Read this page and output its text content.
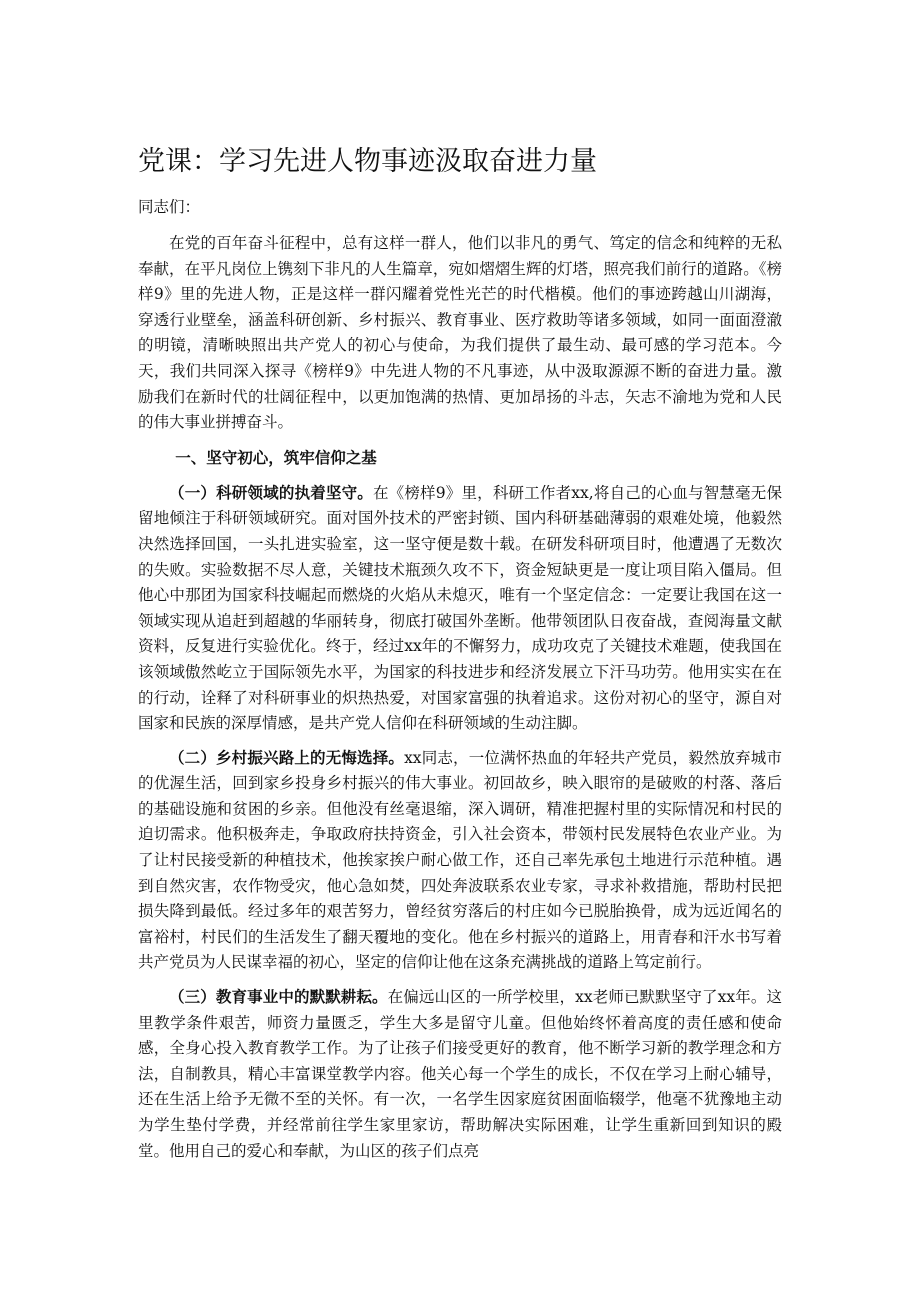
党课：学习先进人物事迹汲取奋进力量
同志们：

在党的百年奋斗征程中，总有这样一群人，他们以非凡的勇气、笃定的信念和纯粹的无私奉献，在平凡岗位上镌刻下非凡的人生篇章，宛如熠熠生辉的灯塔，照亮我们前行的道路。《榜样9》里的先进人物，正是这样一群闪耀着党性光芒的时代楷模。他们的事迹跨越山川湖海，穿透行业壁垒，涵盖科研创新、乡村振兴、教育事业、医疗救助等诸多领域，如同一面面澄澈的明镜，清晰映照出共产党人的初心与使命，为我们提供了最生动、最可感的学习范本。今天，我们共同深入探寻《榜样9》中先进人物的不凡事迹，从中汲取源源不断的奋进力量。激励我们在新时代的壮阔征程中，以更加饱满的热情、更加昂扬的斗志，矢志不渝地为党和人民的伟大事业拼搏奋斗。

一、坚守初心，筑牢信仰之基

（一）科研领域的执着坚守。在《榜样9》里，科研工作者xx,将自己的心血与智慧毫无保留地倾注于科研领域研究。面对国外技术的严密封锁、国内科研基础薄弱的艰难处境，他毅然决然选择回国，一头扎进实验室，这一坚守便是数十载。在研发科研项目时，他遭遇了无数次的失败。实验数据不尽人意，关键技术瓶颈久攻不下，资金短缺更是一度让项目陷入僵局。但他心中那团为国家科技崛起而燃烧的火焰从未熄灭，唯有一个坚定信念：一定要让我国在这一领域实现从追赶到超越的华丽转身，彻底打破国外垄断。他带领团队日夜奋战，查阅海量文献资料，反复进行实验优化。终于，经过xx年的不懈努力，成功攻克了关键技术难题，使我国在该领域傲然屹立于国际领先水平，为国家的科技进步和经济发展立下汗马功劳。他用实实在在的行动，诠释了对科研事业的炽热热爱，对国家富强的执着追求。这份对初心的坚守，源自对国家和民族的深厚情感，是共产党人信仰在科研领域的生动注脚。

（二）乡村振兴路上的无悔选择。xx同志，一位满怀热血的年轻共产党员，毅然放弃城市的优渥生活，回到家乡投身乡村振兴的伟大事业。初回故乡，映入眼帘的是破败的村落、落后的基础设施和贫困的乡亲。但他没有丝毫退缩，深入调研，精准把握村里的实际情况和村民的迫切需求。他积极奔走，争取政府扶持资金，引入社会资本，带领村民发展特色农业产业。为了让村民接受新的种植技术，他挨家挨户耐心做工作，还自己率先承包土地进行示范种植。遇到自然灾害，农作物受灾，他心急如焚，四处奔波联系农业专家，寻求补救措施，帮助村民把损失降到最低。经过多年的艰苦努力，曾经贫穷落后的村庄如今已脱胎换骨，成为远近闻名的富裕村，村民们的生活发生了翻天覆地的变化。他在乡村振兴的道路上，用青春和汗水书写着共产党员为人民谋幸福的初心，坚定的信仰让他在这条充满挑战的道路上笃定前行。

（三）教育事业中的默默耕耘。在偏远山区的一所学校里，xx老师已默默坚守了xx年。这里教学条件艰苦，师资力量匮乏，学生大多是留守儿童。但他始终怀着高度的责任感和使命感，全身心投入教育教学工作。为了让孩子们接受更好的教育，他不断学习新的教学理念和方法，自制教具，精心丰富课堂教学内容。他关心每一个学生的成长，不仅在学习上耐心辅导，还在生活上给予无微不至的关怀。有一次，一名学生因家庭贫困面临辍学，他毫不犹豫地主动为学生垫付学费，并经常前往学生家里家访，帮助解决实际困难，让学生重新回到知识的殿堂。他用自己的爱心和奉献，为山区的孩子们点亮
